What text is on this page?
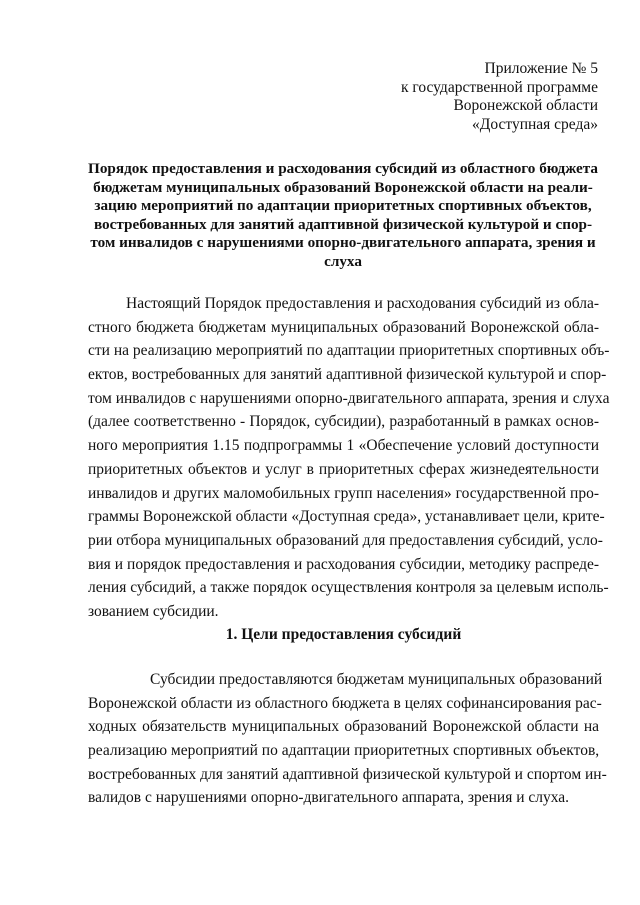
Приложение № 5
к государственной программе
Воронежской области
«Доступная среда»
Порядок предоставления и расходования субсидий из областного бюджета
бюджетам муниципальных образований Воронежской области на реали-
зацию мероприятий по адаптации приоритетных спортивных объектов,
востребованных для занятий адаптивной физической культурой и спор-
том инвалидов с нарушениями опорно-двигательного аппарата, зрения и
слуха
Настоящий Порядок предоставления и расходования субсидий из обла-
стного бюджета бюджетам муниципальных образований Воронежской обла-
сти на реализацию мероприятий по адаптации приоритетных спортивных объ-
ектов, востребованных для занятий адаптивной физической культурой и спор-
том инвалидов с нарушениями опорно-двигательного аппарата, зрения и слуха
(далее соответственно - Порядок, субсидии), разработанный в рамках основ-
ного мероприятия 1.15 подпрограммы 1 «Обеспечение условий доступности
приоритетных объектов и услуг в приоритетных сферах жизнедеятельности
инвалидов и других маломобильных групп населения» государственной про-
граммы Воронежской области «Доступная среда», устанавливает цели, крите-
рии отбора муниципальных образований для предоставления субсидий, усло-
вия и порядок предоставления и расходования субсидии, методику распреде-
ления субсидий, а также порядок осуществления контроля за целевым исполь-
зованием субсидии.
1. Цели предоставления субсидий
Субсидии предоставляются бюджетам муниципальных образований
Воронежской области из областного бюджета в целях софинансирования рас-
ходных обязательств муниципальных образований Воронежской области на
реализацию мероприятий по адаптации приоритетных спортивных объектов,
востребованных для занятий адаптивной физической культурой и спортом ин-
валидов с нарушениями опорно-двигательного аппарата, зрения и слуха.
